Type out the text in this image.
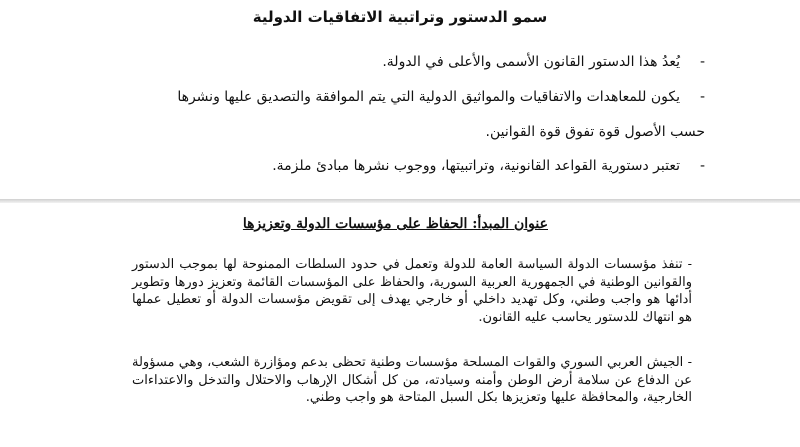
سمو الدستور وتراتبية الاتفاقيات الدولية
-
يُعدُ هذا الدستور القانون الأسمى والأعلى في الدولة.
-
يكون للمعاهدات والاتفاقيات والمواثيق الدولية التي يتم الموافقة والتصديق عليها ونشرها
حسب الأصول قوة تفوق قوة القوانين.
-
تعتبر دستورية القواعد القانونية، وتراتبيتها، ووجوب نشرها مبادئ ملزمة.
عنوان المبدأ: الحفاظ على مؤسسات الدولة وتعزيزها
- تنفذ مؤسسات الدولة السياسة العامة للدولة وتعمل في حدود السلطات الممنوحة لها بموجب الدستور والقوانين الوطنية في الجمهورية العربية السورية، والحفاظ على المؤسسات القائمة وتعزيز دورها وتطوير أدائها هو واجب وطني، وكل تهديد داخلي أو خارجي يهدف إلى تقويض مؤسسات الدولة أو تعطيل عملها هو انتهاك للدستور يحاسب عليه القانون.
- الجيش العربي السوري والقوات المسلحة مؤسسات وطنية تحظى بدعم ومؤازرة الشعب، وهي مسؤولة عن الدفاع عن سلامة أرض الوطن وأمنه وسيادته، من كل أشكال الإرهاب والاحتلال والتدخل والاعتداءات الخارجية، والمحافظة عليها وتعزيزها بكل السبل المتاحة هو واجب وطني.
